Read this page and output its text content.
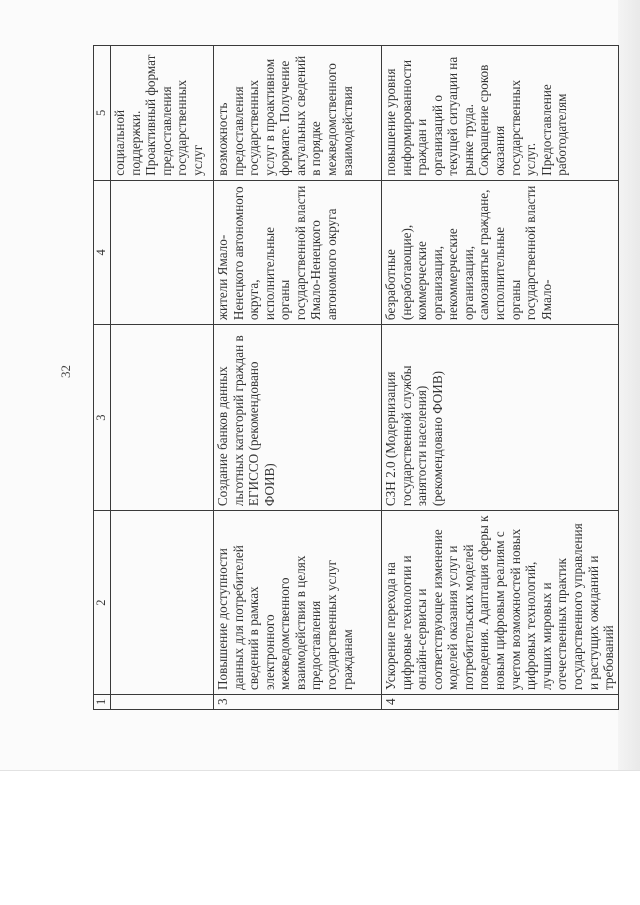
32
1	2	3	4	5
				социальной поддержки. Проактивный формат предоставления государственных услуг
3	Повышение доступности данных для потребителей сведений в рамках электронного межведомственного взаимодействия в целях предоставления государственных услуг гражданам	Создание банков данных льготных категорий граждан в ЕГИССО (рекомендовано ФОИВ)	жители Ямало-Ненецкого автономного округа, исполнительные органы государственной власти Ямало-Ненецкого автономного округа	возможность предоставления государственных услуг в проактивном формате. Получение актуальных сведений в порядке межведомственного взаимодействия
4	Ускорение перехода на цифровые технологии и онлайн-сервисы и соответствующее изменение моделей оказания услуг и потребительских моделей поведения. Адаптация сферы к новым цифровым реалиям с учетом возможностей новых цифровых технологий, лучших мировых и отечественных практик государственного управления и растущих ожиданий и требований	СЗН 2.0 (Модернизация государственной службы занятости населения) (рекомендовано ФОИВ)	безработные (неработающие), коммерческие организации, некоммерческие организации, самозанятые граждане, исполнительные органы государственной власти Ямало-	повышение уровня информированности граждан и организаций о текущей ситуации на рынке труда. Сокращение сроков оказания государственных услуг. Предоставление работодателям
